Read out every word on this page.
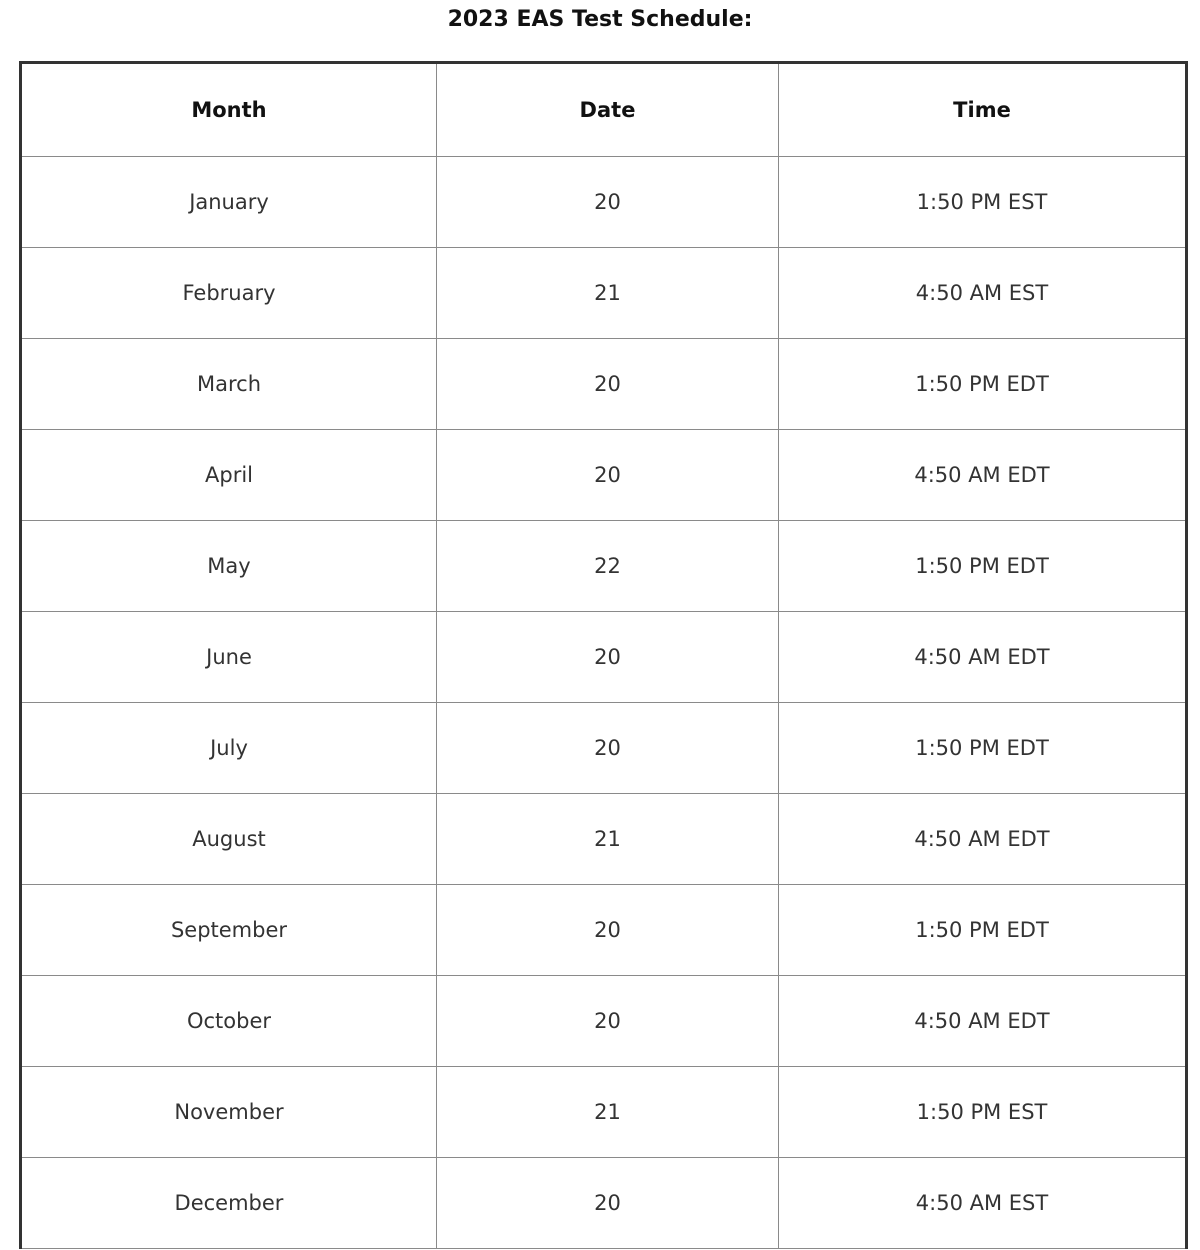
2023 EAS Test Schedule:
Month	Date	Time
January	20	1:50 PM EST
February	21	4:50 AM EST
March	20	1:50 PM EDT
April	20	4:50 AM EDT
May	22	1:50 PM EDT
June	20	4:50 AM EDT
July	20	1:50 PM EDT
August	21	4:50 AM EDT
September	20	1:50 PM EDT
October	20	4:50 AM EDT
November	21	1:50 PM EST
December	20	4:50 AM EST
